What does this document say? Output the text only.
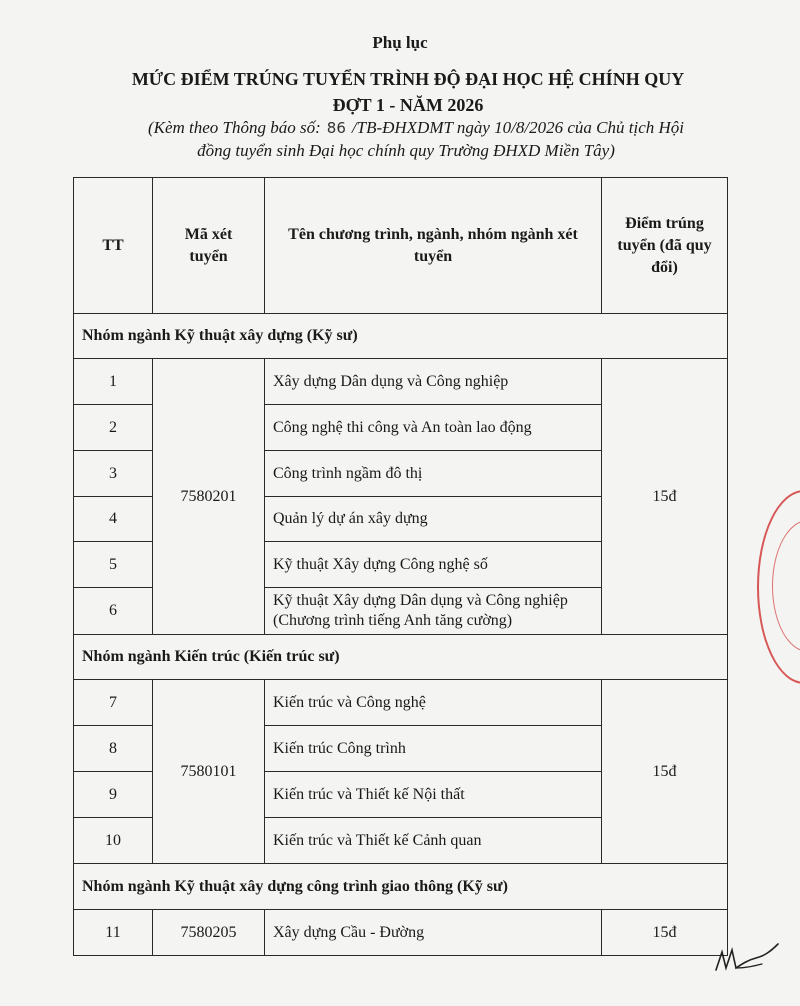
Phụ lục
MỨC ĐIỂM TRÚNG TUYỂN TRÌNH ĐỘ ĐẠI HỌC HỆ CHÍNH QUY
ĐỢT 1 - NĂM 2026
(Kèm theo Thông báo số: 86 /TB-ĐHXDMT ngày 10/8/2026 của Chủ tịch Hội
đồng tuyển sinh Đại học chính quy Trường ĐHXD Miền Tây)
TT	Mã xét tuyển	Tên chương trình, ngành, nhóm ngành xét tuyển	Điểm trúng tuyển (đã quy đổi)

Nhóm ngành Kỹ thuật xây dựng (Kỹ sư)			
1	7580201	Xây dựng Dân dụng và Công nghiệp	15đ
2		Công nghệ thi công và An toàn lao động	
3		Công trình ngầm đô thị	
4		Quản lý dự án xây dựng	
5		Kỹ thuật Xây dựng Công nghệ số	
6		Kỹ thuật Xây dựng Dân dụng và Công nghiệp (Chương trình tiếng Anh tăng cường)	
Nhóm ngành Kiến trúc (Kiến trúc sư)			
7	7580101	Kiến trúc và Công nghệ	15đ
8		Kiến trúc Công trình	
9		Kiến trúc và Thiết kế Nội thất	
10		Kiến trúc và Thiết kế Cảnh quan	
Nhóm ngành Kỹ thuật xây dựng công trình giao thông (Kỹ sư)			
11	7580205	Xây dựng Cầu - Đường	15đ
